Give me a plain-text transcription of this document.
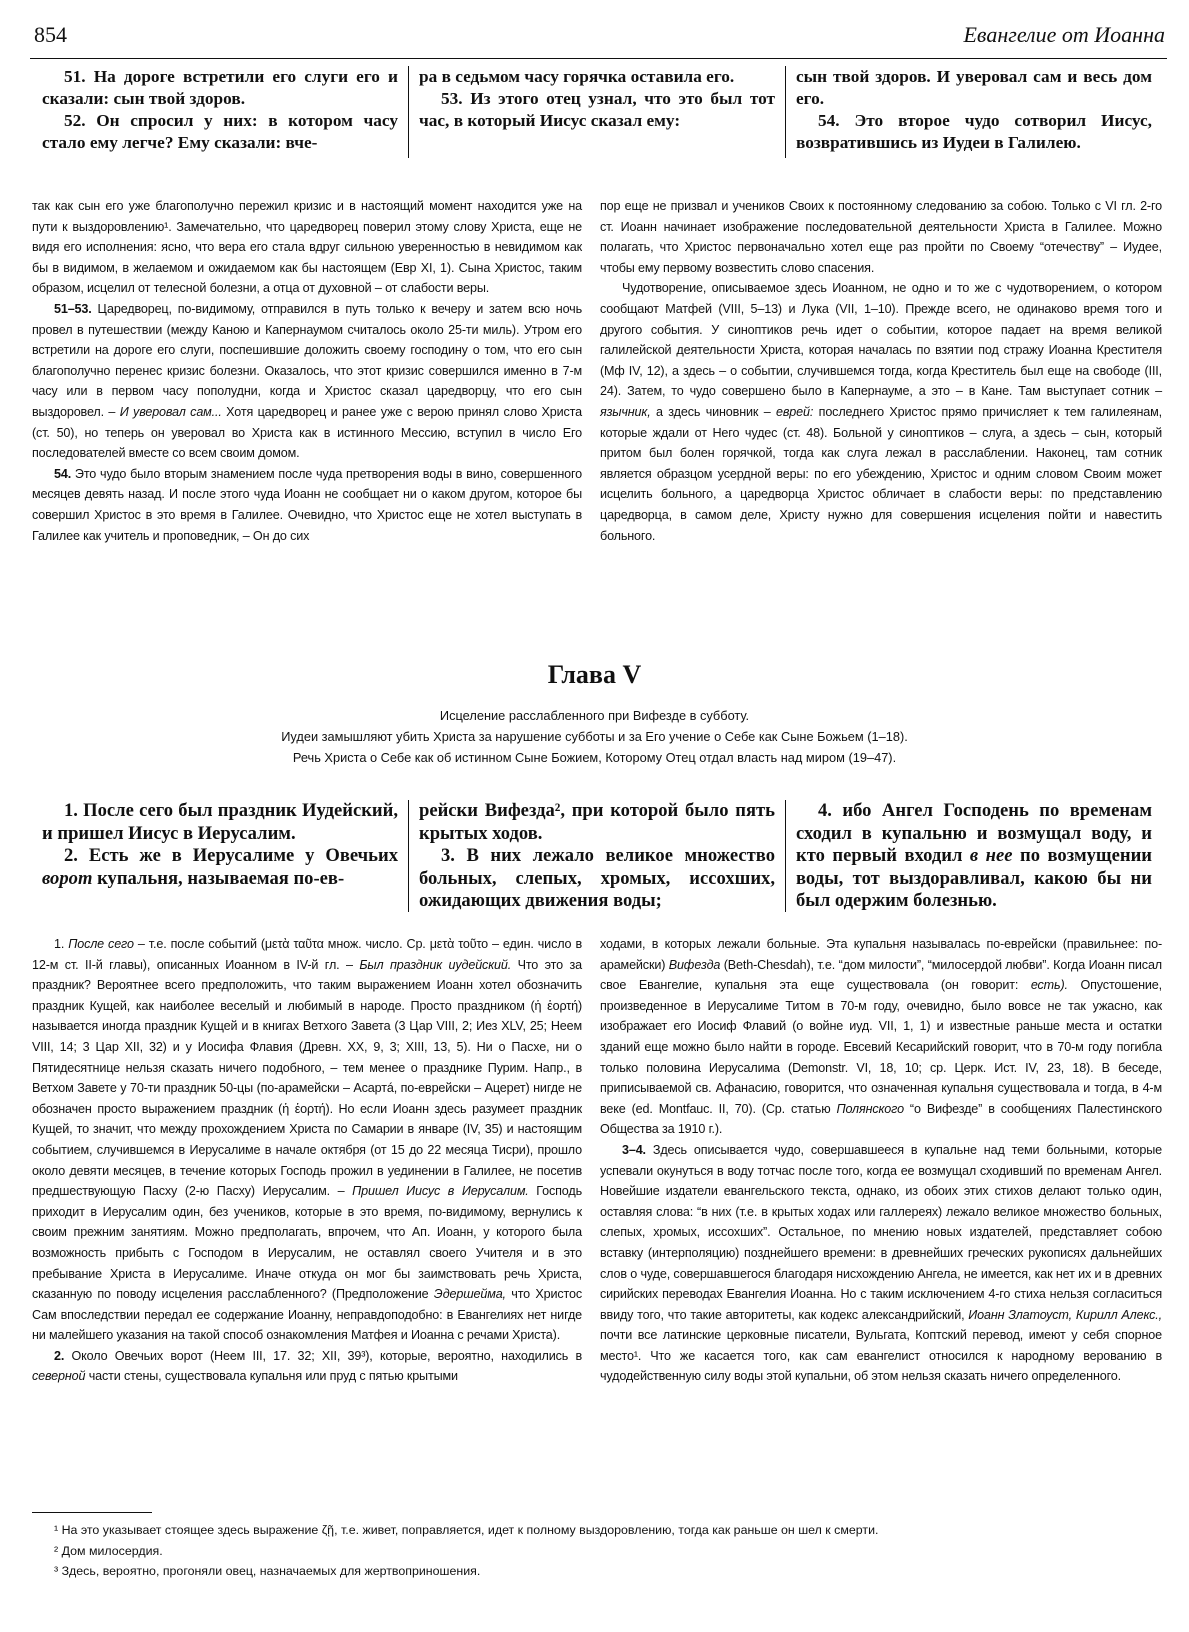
854	Евангелие от Иоанна

51. На дороге встретили его слуги его и сказали: сын твой здоров.

52. Он спросил у них: в котором часу стало ему легче? Ему сказали: вче-

ра в седьмом часу горячка оставила его.

53. Из этого отец узнал, что это был тот час, в который Иисус сказал ему:

сын твой здоров. И уверовал сам и весь дом его.

54. Это второе чудо сотворил Иисус, возвратившись из Иудеи в Галилею.

так как сын его уже благополучно пережил кризис и в настоящий момент находится уже на пути к выздоровлению¹. Замечательно, что царедворец поверил этому слову Христа, еще не видя его исполнения: ясно, что вера его стала вдруг сильною уверенностью в невидимом как бы в видимом, в желаемом и ожидаемом как бы настоящем (Евр XI, 1). Сына Христос, таким образом, исцелил от телесной болезни, а отца от духовной – от слабости веры.

51–53. Царедворец, по-видимому, отправился в путь только к вечеру и затем всю ночь провел в путешествии (между Каною и Капернаумом считалось около 25-ти миль). Утром его встретили на дороге его слуги, поспешившие доложить своему господину о том, что его сын благополучно перенес кризис болезни. Оказалось, что этот кризис совершился именно в 7-м часу или в первом часу пополудни, когда и Христос сказал царедворцу, что его сын выздоровел. – И уверовал сам... Хотя царедворец и ранее уже с верою принял слово Христа (ст. 50), но теперь он уверовал во Христа как в истинного Мессию, вступил в число Его последователей вместе со всем своим домом.

54. Это чудо было вторым знамением после чуда претворения воды в вино, совершенного месяцев девять назад. И после этого чуда Иоанн не сообщает ни о каком другом, которое бы совершил Христос в это время в Галилее. Очевидно, что Христос еще не хотел выступать в Галилее как учитель и проповедник, – Он до сих

пор еще не призвал и учеников Своих к постоянному следованию за собою. Только с VI гл. 2-го ст. Иоанн начинает изображение последовательной деятельности Христа в Галилее. Можно полагать, что Христос первоначально хотел еще раз пройти по Своему “отечеству” – Иудее, чтобы ему первому возвестить слово спасения.

Чудотворение, описываемое здесь Иоанном, не одно и то же с чудотворением, о котором сообщают Матфей (VIII, 5–13) и Лука (VII, 1–10). Прежде всего, не одинаково время того и другого события. У синоптиков речь идет о событии, которое падает на время великой галилейской деятельности Христа, которая началась по взятии под стражу Иоанна Крестителя (Мф IV, 12), а здесь – о событии, случившемся тогда, когда Креститель был еще на свободе (III, 24). Затем, то чудо совершено было в Капернауме, а это – в Кане. Там выступает сотник – язычник, а здесь чиновник – еврей: последнего Христос прямо причисляет к тем галилеянам, которые ждали от Него чудес (ст. 48). Больной у синоптиков – слуга, а здесь – сын, который притом был болен горячкой, тогда как слуга лежал в расслаблении. Наконец, там сотник является образцом усердной веры: по его убеждению, Христос и одним словом Своим может исцелить больного, а царедворца Христос обличает в слабости веры: по представлению царедворца, в самом деле, Христу нужно для совершения исцеления пойти и навестить больного.

Глава V
Исцеление расслабленного при Вифезде в субботу.
Иудеи замышляют убить Христа за нарушение субботы и за Его учение о Себе как Сыне Божьем (1–18).
Речь Христа о Себе как об истинном Сыне Божием, Которому Отец отдал власть над миром (19–47).

1. После сего был праздник Иудейский, и пришел Иисус в Иерусалим.

2. Есть же в Иерусалиме у Овечьих ворот купальня, называемая по-ев-

рейски Вифезда², при которой было пять крытых ходов.

3. В них лежало великое множество больных, слепых, хромых, иссохших, ожидающих движения воды;

4. ибо Ангел Господень по временам сходил в купальню и возмущал воду, и кто первый входил в нее по возмущении воды, тот выздоравливал, какою бы ни был одержим болезнью.

1. После сего – т.е. после событий (μετὰ ταῦτα множ. число. Ср. μετὰ τοῦτο – един. число в 12-м ст. II-й главы), описанных Иоанном в IV-й гл. – Был праздник иудейский. Что это за праздник? Вероятнее всего предположить, что таким выражением Иоанн хотел обозначить праздник Кущей, как наиболее веселый и любимый в народе. Просто праздником (ἡ ἑορτή) называется иногда праздник Кущей и в книгах Ветхого Завета (3 Цар VIII, 2; Иез XLV, 25; Неем VIII, 14; 3 Цар XII, 32) и у Иосифа Флавия (Древн. XX, 9, 3; XIII, 13, 5). Ни о Пасхе, ни о Пятидесятнице нельзя сказать ничего подобного, – тем менее о празднике Пурим. Напр., в Ветхом Завете у 70-ти праздник 50-цы (по-арамейски – Асартá, по-еврейски – Ацерет) нигде не обозначен просто выражением праздник (ἡ ἑορτή). Но если Иоанн здесь разумеет праздник Кущей, то значит, что между прохождением Христа по Самарии в январе (IV, 35) и настоящим событием, случившемся в Иерусалиме в начале октября (от 15 до 22 месяца Тисри), прошло около девяти месяцев, в течение которых Господь прожил в уединении в Галилее, не посетив предшествующую Пасху (2-ю Пасху) Иерусалим. – Пришел Иисус в Иерусалим. Господь приходит в Иерусалим один, без учеников, которые в это время, по-видимому, вернулись к своим прежним занятиям. Можно предполагать, впрочем, что Ап. Иоанн, у которого была возможность прибыть с Господом в Иерусалим, не оставлял своего Учителя и в это пребывание Христа в Иерусалиме. Иначе откуда он мог бы заимствовать речь Христа, сказанную по поводу исцеления расслабленного? (Предположение Эдершейма, что Христос Сам впоследствии передал ее содержание Иоанну, неправдоподобно: в Евангелиях нет нигде ни малейшего указания на такой способ ознакомления Матфея и Иоанна с речами Христа).

2. Около Овечьих ворот (Неем III, 17. 32; XII, 39³), которые, вероятно, находились в северной части стены, существовала купальня или пруд с пятью крытыми

ходами, в которых лежали больные. Эта купальня называлась по-еврейски (правильнее: по-арамейски) Вифезда (Beth-Chesdah), т.е. “дом милости”, “милосердой любви”. Когда Иоанн писал свое Евангелие, купальня эта еще существовала (он говорит: есть). Опустошение, произведенное в Иерусалиме Титом в 70-м году, очевидно, было вовсе не так ужасно, как изображает его Иосиф Флавий (о войне иуд. VII, 1, 1) и известные раньше места и остатки зданий еще можно было найти в городе. Евсевий Кесарийский говорит, что в 70-м году погибла только половина Иерусалима (Demonstr. VI, 18, 10; ср. Церк. Ист. IV, 23, 18). В беседе, приписываемой св. Афанасию, говорится, что означенная купальня существовала и тогда, в 4-м веке (ed. Montfauc. II, 70). (Ср. статью Полянского “о Вифезде” в сообщениях Палестинского Общества за 1910 г.).

3–4. Здесь описывается чудо, совершавшееся в купальне над теми больными, которые успевали окунуться в воду тотчас после того, когда ее возмущал сходивший по временам Ангел. Новейшие издатели евангельского текста, однако, из обоих этих стихов делают только один, оставляя слова: “в них (т.е. в крытых ходах или галлереях) лежало великое множество больных, слепых, хромых, иссохших”. Остальное, по мнению новых издателей, представляет собою вставку (интерполяцию) позднейшего времени: в древнейших греческих рукописях дальнейших слов о чуде, совершавшегося благодаря нисхождению Ангела, не имеется, как нет их и в древних сирийских переводах Евангелия Иоанна. Но с таким исключением 4-го стиха нельзя согласиться ввиду того, что такие авторитеты, как кодекс александрийский, Иоанн Златоуст, Кирилл Алекс., почти все латинские церковные писатели, Вульгата, Коптский перевод, имеют у себя спорное место¹. Что же касается того, как сам евангелист относился к народному верованию в чудодейственную силу воды этой купальни, об этом нельзя сказать ничего определенного.

¹ На это указывает стоящее здесь выражение ζῇ, т.е. живет, поправляется, идет к полному выздоровлению, тогда как раньше он шел к смерти.

² Дом милосердия.

³ Здесь, вероятно, прогоняли овец, назначаемых для жертвоприношения.
